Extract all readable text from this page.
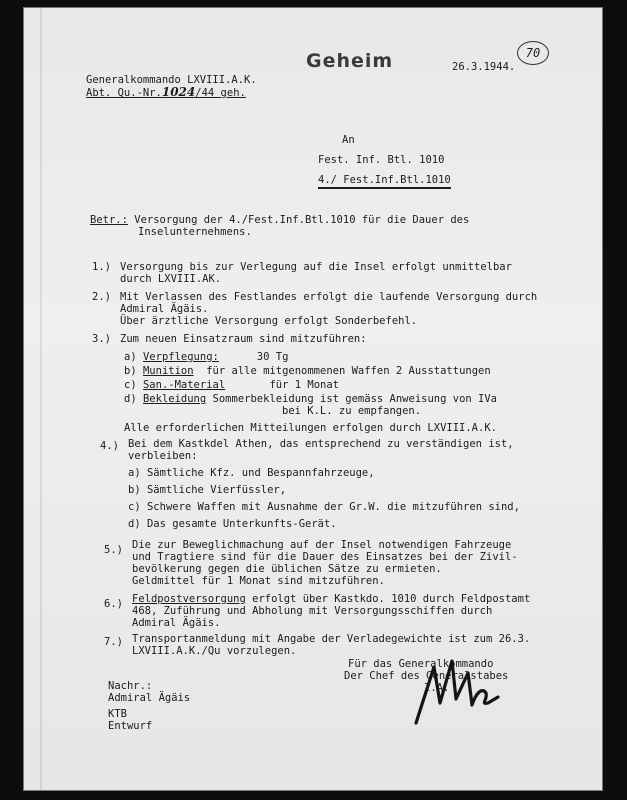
Geheim	70
26.3.1944.
Generalkommando LXVIII.A.K.
Abt. Qu.-Nr.1024/44 geh.
An
Fest. Inf. Btl. 1010
4./ Fest.Inf.Btl.1010
Betr.: Versorgung der 4./Fest.Inf.Btl.1010 für die Dauer des
Inselunternehmens.
1.) Versorgung bis zur Verlegung auf die Insel erfolgt unmittelbar
durch LXVIII.AK.
2.) Mit Verlassen des Festlandes erfolgt die laufende Versorgung durch
Admiral Ägäis.
Über ärztliche Versorgung erfolgt Sonderbefehl.
3.) Zum neuen Einsatzraum sind mitzuführen:
a) Verpflegung:	30 Tg
b) Munition für alle mitgenommenen Waffen 2 Ausstattungen
c) San.-Material	für 1 Monat
d) Bekleidung Sommerbekleidung ist gemäss Anweisung von IVa
bei K.L. zu empfangen.
Alle erforderlichen Mitteilungen erfolgen durch LXVIII.A.K.
4.) Bei dem Kastkdel Athen, das entsprechend zu verständigen ist,
verbleiben:
a) Sämtliche Kfz. und Bespannfahrzeuge,
b) Sämtliche Vierfüssler,
c) Schwere Waffen mit Ausnahme der Gr.W. die mitzuführen sind,
d) Das gesamte Unterkunfts-Gerät.
5.) Die zur Beweglichmachung auf der Insel notwendigen Fahrzeuge
und Tragtiere sind für die Dauer des Einsatzes bei der Zivil-
bevölkerung gegen die üblichen Sätze zu ermieten.
Geldmittel für 1 Monat sind mitzuführen.
6.) Feldpostversorgung erfolgt über Kastkdo. 1010 durch Feldpostamt
468, Zuführung und Abholung mit Versorgungsschiffen durch
Admiral Ägäis.
7.) Transportanmeldung mit Angabe der Verladegewichte ist zum 26.3.
LXVIII.A.K./Qu vorzulegen.
Für das Generalkommando
Der Chef des Generalstabes
I.A.
Nachr.:
Admiral Ägäis
KTB
Entwurf
